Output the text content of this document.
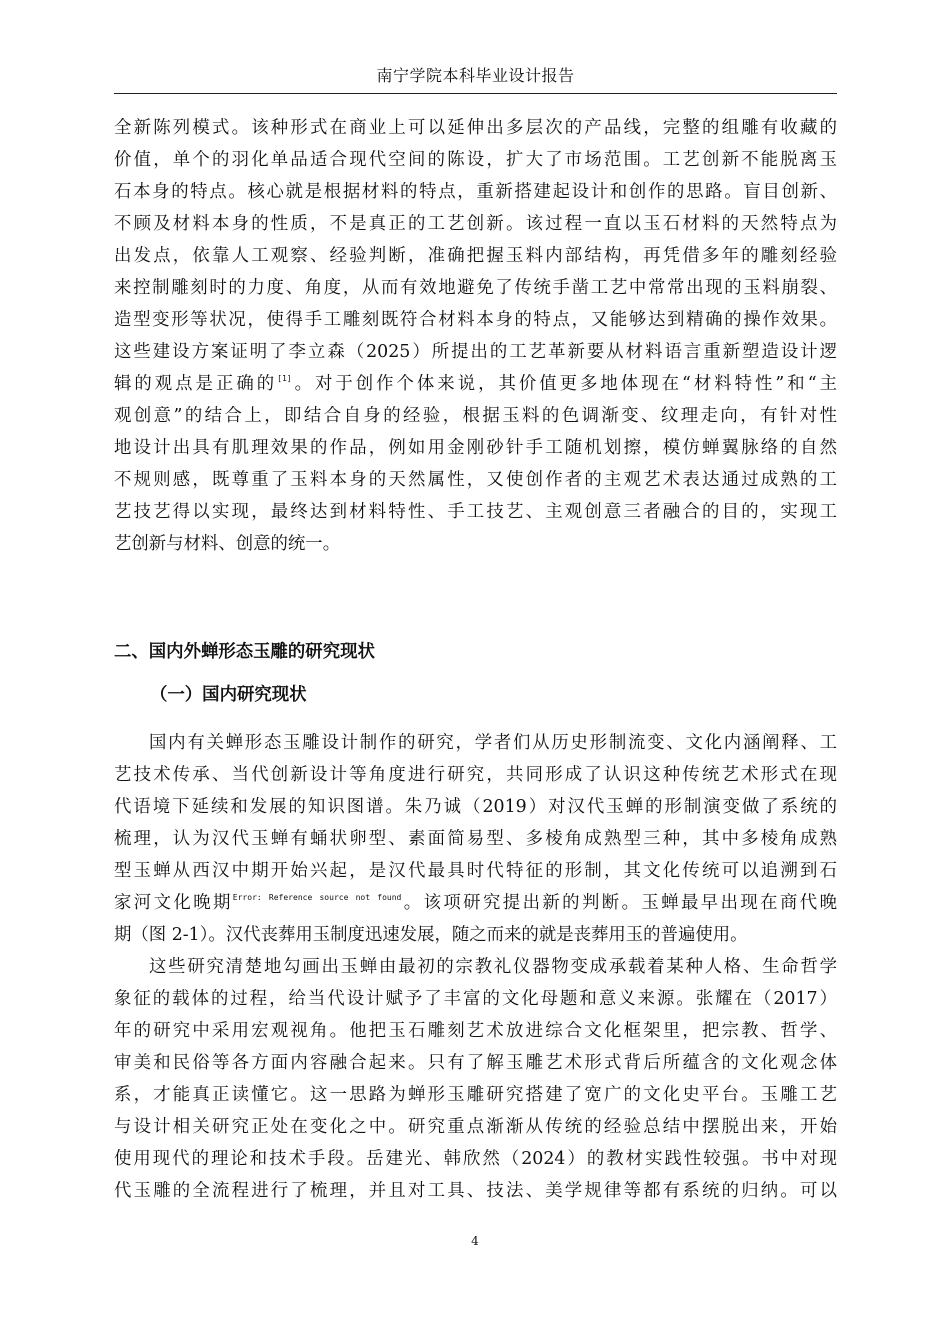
南宁学院本科毕业设计报告
全新陈列模式。该种形式在商业上可以延伸出多层次的产品线，完整的组雕有收藏的
价值，单个的羽化单品适合现代空间的陈设，扩大了市场范围。工艺创新不能脱离玉
石本身的特点。核心就是根据材料的特点，重新搭建起设计和创作的思路。盲目创新、
不顾及材料本身的性质，不是真正的工艺创新。该过程一直以玉石材料的天然特点为
出发点，依靠人工观察、经验判断，准确把握玉料内部结构，再凭借多年的雕刻经验
来控制雕刻时的力度、角度，从而有效地避免了传统手凿工艺中常常出现的玉料崩裂、
造型变形等状况，使得手工雕刻既符合材料本身的特点，又能够达到精确的操作效果。
这些建设方案证明了李立森（2025）所提出的工艺革新要从材料语言重新塑造设计逻
辑的观点是正确的[1]。对于创作个体来说，其价值更多地体现在“材料特性”和“主
观创意”的结合上，即结合自身的经验，根据玉料的色调渐变、纹理走向，有针对性
地设计出具有肌理效果的作品，例如用金刚砂针手工随机划擦，模仿蝉翼脉络的自然
不规则感，既尊重了玉料本身的天然属性，又使创作者的主观艺术表达通过成熟的工
艺技艺得以实现，最终达到材料特性、手工技艺、主观创意三者融合的目的，实现工
艺创新与材料、创意的统一。
二、国内外蝉形态玉雕的研究现状
（一）国内研究现状
国内有关蝉形态玉雕设计制作的研究，学者们从历史形制流变、文化内涵阐释、工
艺技术传承、当代创新设计等角度进行研究，共同形成了认识这种传统艺术形式在现
代语境下延续和发展的知识图谱。朱乃诚（2019）对汉代玉蝉的形制演变做了系统的
梳理，认为汉代玉蝉有蛹状卵型、素面简易型、多棱角成熟型三种，其中多棱角成熟
型玉蝉从西汉中期开始兴起，是汉代最具时代特征的形制，其文化传统可以追溯到石
家河文化晚期$^{Error: Reference source not found}$。该项研究提出新的判断。玉蝉最早出现在商代晚
期（图 2-1）。汉代丧葬用玉制度迅速发展，随之而来的就是丧葬用玉的普遍使用。
这些研究清楚地勾画出玉蝉由最初的宗教礼仪器物变成承载着某种人格、生命哲学
象征的载体的过程，给当代设计赋予了丰富的文化母题和意义来源。张耀在（2017）
年的研究中采用宏观视角。他把玉石雕刻艺术放进综合文化框架里，把宗教、哲学、
审美和民俗等各方面内容融合起来。只有了解玉雕艺术形式背后所蕴含的文化观念体
系，才能真正读懂它。这一思路为蝉形玉雕研究搭建了宽广的文化史平台。玉雕工艺
与设计相关研究正处在变化之中。研究重点渐渐从传统的经验总结中摆脱出来，开始
使用现代的理论和技术手段。岳建光、韩欣然（2024）的教材实践性较强。书中对现
代玉雕的全流程进行了梳理，并且对工具、技法、美学规律等都有系统的归纳。可以
4
